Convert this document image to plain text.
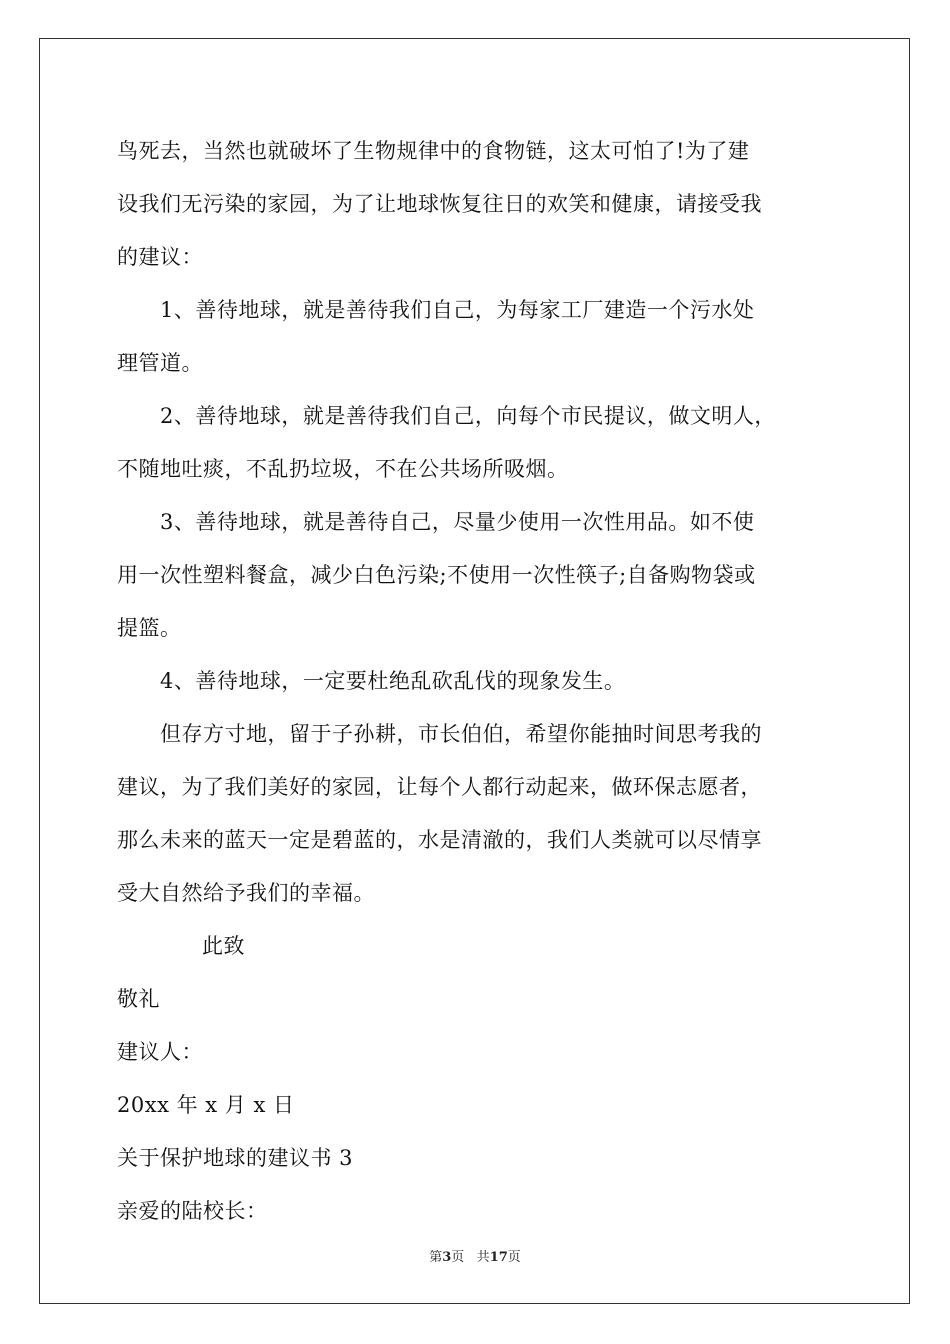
鸟死去，当然也就破坏了生物规律中的食物链，这太可怕了!为了建
设我们无污染的家园，为了让地球恢复往日的欢笑和健康，请接受我
的建议：
1、善待地球，就是善待我们自己，为每家工厂建造一个污水处
理管道。
2、善待地球，就是善待我们自己，向每个市民提议，做文明人，
不随地吐痰，不乱扔垃圾，不在公共场所吸烟。
3、善待地球，就是善待自己，尽量少使用一次性用品。如不使
用一次性塑料餐盒，减少白色污染;不使用一次性筷子;自备购物袋或
提篮。
4、善待地球，一定要杜绝乱砍乱伐的现象发生。
但存方寸地，留于子孙耕，市长伯伯，希望你能抽时间思考我的
建议，为了我们美好的家园，让每个人都行动起来，做环保志愿者，
那么未来的蓝天一定是碧蓝的，水是清澈的，我们人类就可以尽情享
受大自然给予我们的幸福。
此致
敬礼
建议人：
20xx 年 x 月 x 日
关于保护地球的建议书 3
亲爱的陆校长：
第3页 共17页
